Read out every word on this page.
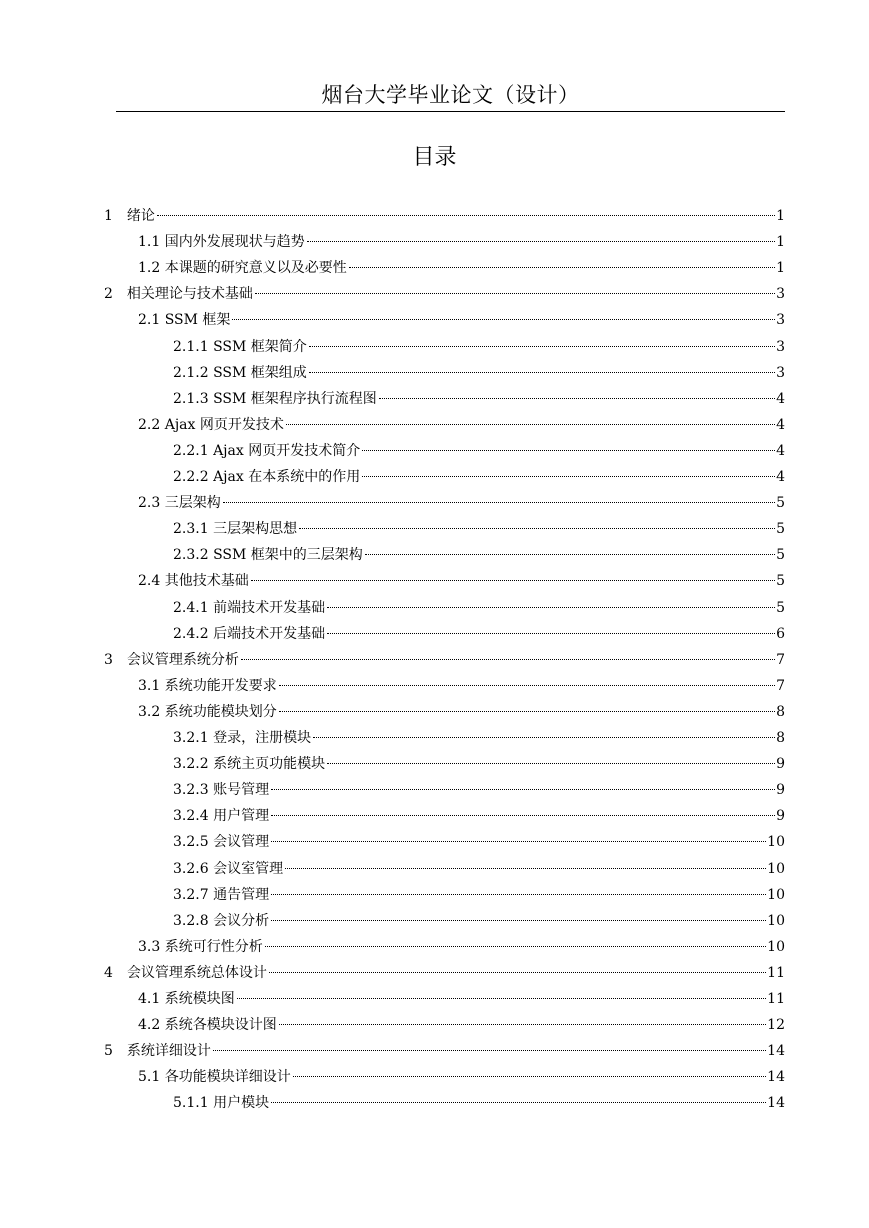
烟台大学毕业论文（设计）
目录
1　绪论	1
1.1 国内外发展现状与趋势	1
1.2 本课题的研究意义以及必要性	1
2　相关理论与技术基础	3
2.1 SSM 框架	3
2.1.1 SSM 框架简介	3
2.1.2 SSM 框架组成	3
2.1.3 SSM 框架程序执行流程图	4
2.2 Ajax 网页开发技术	4
2.2.1 Ajax 网页开发技术简介	4
2.2.2 Ajax 在本系统中的作用	4
2.3 三层架构	5
2.3.1 三层架构思想	5
2.3.2 SSM 框架中的三层架构	5
2.4 其他技术基础	5
2.4.1 前端技术开发基础	5
2.4.2 后端技术开发基础	6
3　会议管理系统分析	7
3.1 系统功能开发要求	7
3.2 系统功能模块划分	8
3.2.1 登录，注册模块	8
3.2.2 系统主页功能模块	9
3.2.3 账号管理	9
3.2.4 用户管理	9
3.2.5 会议管理	10
3.2.6 会议室管理	10
3.2.7 通告管理	10
3.2.8 会议分析	10
3.3 系统可行性分析	10
4　会议管理系统总体设计	11
4.1 系统模块图	11
4.2 系统各模块设计图	12
5　系统详细设计	14
5.1 各功能模块详细设计	14
5.1.1 用户模块	14
